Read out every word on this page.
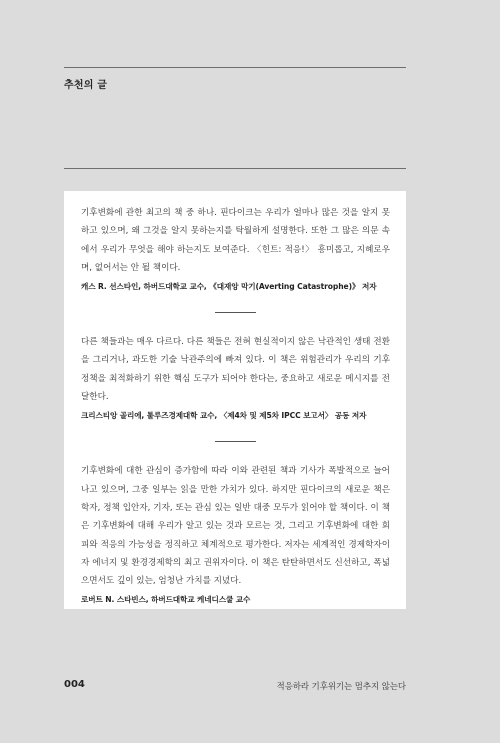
추천의 글

기후변화에 관한 최고의 책 중 하나. 핀다이크는 우리가 얼마나 많은 것을 알지 못하고 있으며, 왜 그것을 알지 못하는지를 탁월하게 설명한다. 또한 그 많은 의문 속에서 우리가 무엇을 해야 하는지도 보여준다. 〈힌트: 적응!〉 흥미롭고, 지혜로우며, 없어서는 안 될 책이다.

캐스 R. 선스타인, 하버드대학교 교수, 《대재앙 막기(Averting Catastrophe)》 저자

다른 책들과는 매우 다르다. 다른 책들은 전혀 현실적이지 않은 낙관적인 생태 전환을 그리거나, 과도한 기술 낙관주의에 빠져 있다. 이 책은 위험관리가 우리의 기후 정책을 최적화하기 위한 핵심 도구가 되어야 한다는, 중요하고 새로운 메시지를 전달한다.

크리스티앙 골리에, 툴루즈경제대학 교수, 〈제4차 및 제5차 IPCC 보고서〉 공동 저자

기후변화에 대한 관심이 증가함에 따라 이와 관련된 책과 기사가 폭발적으로 늘어나고 있으며, 그중 일부는 읽을 만한 가치가 있다. 하지만 핀다이크의 새로운 책은 학자, 정책 입안자, 기자, 또는 관심 있는 일반 대중 모두가 읽어야 할 책이다. 이 책은 기후변화에 대해 우리가 알고 있는 것과 모르는 것, 그리고 기후변화에 대한 회피와 적응의 가능성을 정직하고 체계적으로 평가한다. 저자는 세계적인 경제학자이자 에너지 및 환경경제학의 최고 권위자이다. 이 책은 탄탄하면서도 신선하고, 폭넓으면서도 깊이 있는, 엄청난 가치를 지녔다.

로버트 N. 스타빈스, 하버드대학교 케네디스쿨 교수

004	적응하라 기후위기는 멈추지 않는다
